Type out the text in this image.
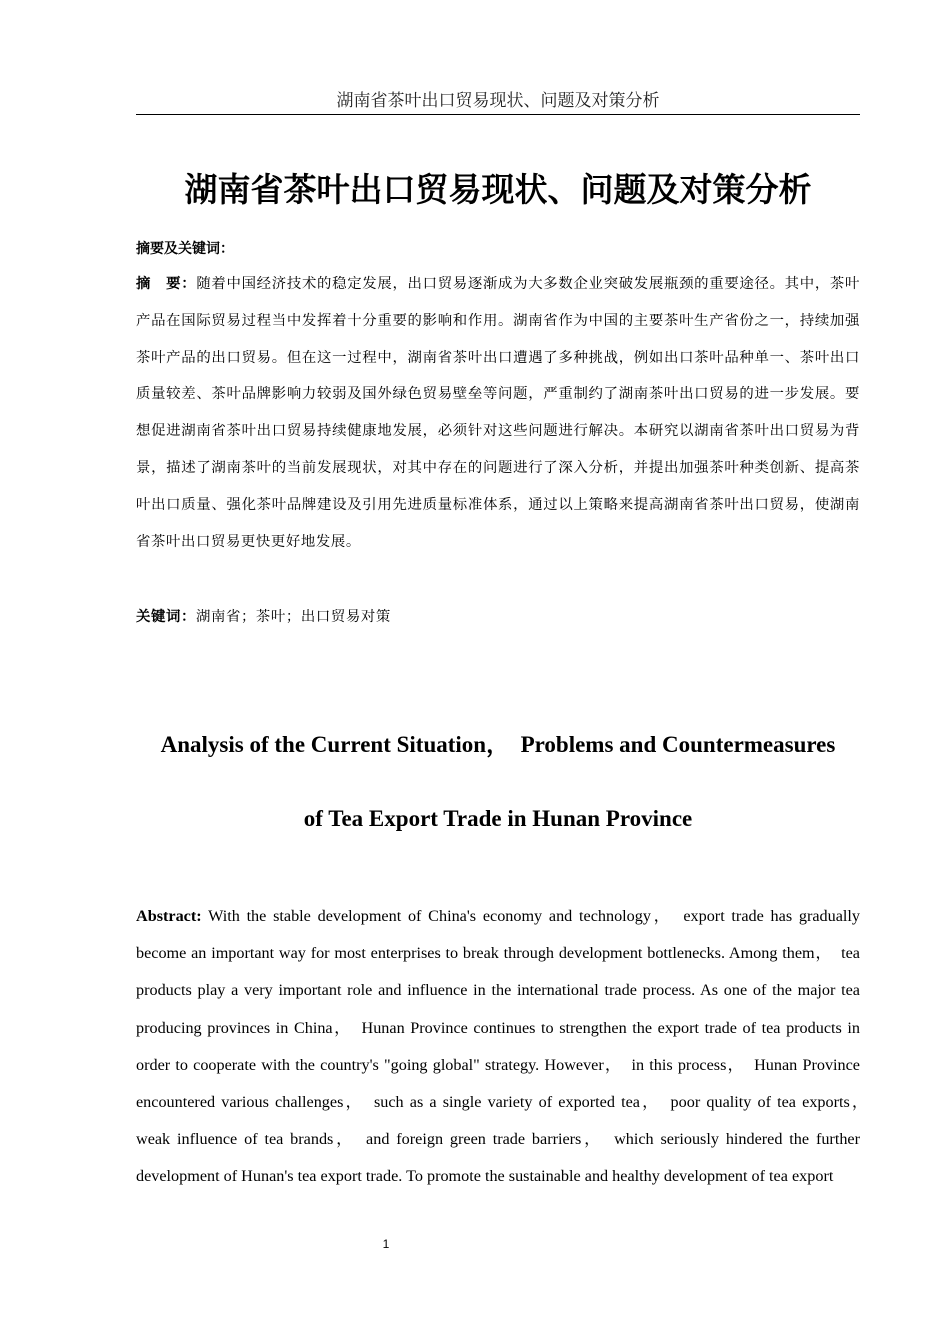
湖南省茶叶出口贸易现状、问题及对策分析
湖南省茶叶出口贸易现状、问题及对策分析
摘要及关键词：

摘　要：随着中国经济技术的稳定发展，出口贸易逐渐成为大多数企业突破发展瓶颈的重要途径。其中，茶叶产品在国际贸易过程当中发挥着十分重要的影响和作用。湖南省作为中国的主要茶叶生产省份之一，持续加强茶叶产品的出口贸易。但在这一过程中，湖南省茶叶出口遭遇了多种挑战，例如出口茶叶品种单一、茶叶出口质量较差、茶叶品牌影响力较弱及国外绿色贸易壁垒等问题，严重制约了湖南茶叶出口贸易的进一步发展。要想促进湖南省茶叶出口贸易持续健康地发展，必须针对这些问题进行解决。本研究以湖南省茶叶出口贸易为背景，描述了湖南茶叶的当前发展现状，对其中存在的问题进行了深入分析，并提出加强茶叶种类创新、提高茶叶出口质量、强化茶叶品牌建设及引用先进质量标准体系，通过以上策略来提高湖南省茶叶出口贸易，使湖南省茶叶出口贸易更快更好地发展。

关键词：湖南省；茶叶；出口贸易对策

Analysis of the Current Situation，　Problems and Countermeasures
of Tea Export Trade in Hunan Province

Abstract: With the stable development of China's economy and technology，　export trade has gradually become an important way for most enterprises to break through development bottlenecks. Among them，　tea products play a very important role and influence in the international trade process. As one of the major tea producing provinces in China，　Hunan Province continues to strengthen the export trade of tea products in order to cooperate with the country's "going global" strategy. However，　in this process，　Hunan Province encountered various challenges，　such as a single variety of exported tea，　poor quality of tea exports，　weak influence of tea brands，　and foreign green trade barriers，　which seriously hindered the further development of Hunan's tea export trade. To promote the sustainable and healthy development of tea export

1
